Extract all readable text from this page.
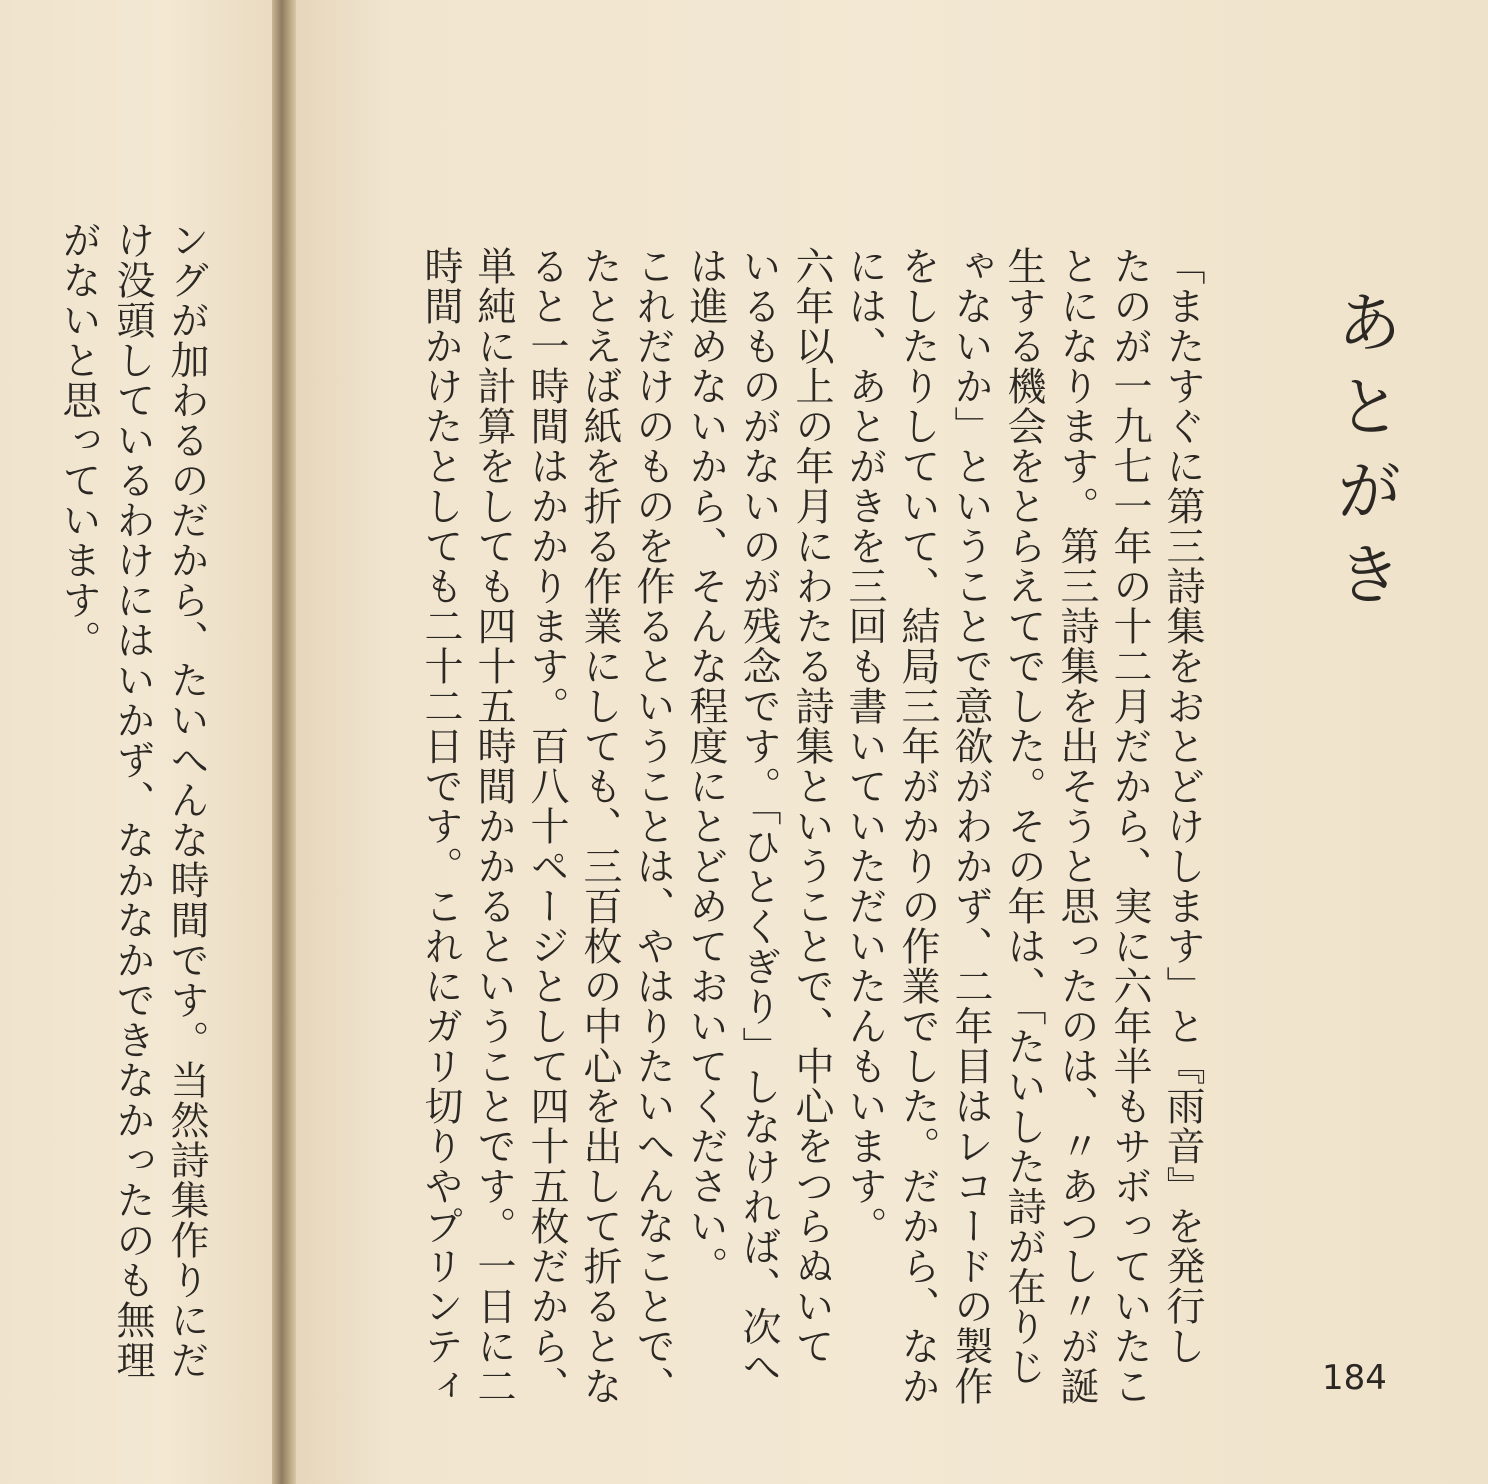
ングが加わるのだから、たいへんな時間です。当然詩集作りにだ
け没頭しているわけにはいかず、なかなかできなかったのも無理
がないと思っています。	あとがき
「またすぐに第三詩集をおとどけします」と『雨音』を発行し
たのが一九七一年の十二月だから、実に六年半もサボっていたこ
とになります。第三詩集を出そうと思ったのは、〃あつし〃が誕
生する機会をとらえてでした。その年は、「たいした詩が在りじ
ゃないか」ということで意欲がわかず、二年目はレコードの製作
をしたりしていて、結局三年がかりの作業でした。だから、なか
には、あとがきを三回も書いていただいたんもいます。
六年以上の年月にわたる詩集ということで、中心をつらぬいて
いるものがないのが残念です。「ひとくぎり」しなければ、次へ
は進めないから、そんな程度にとどめておいてください。
これだけのものを作るということは、やはりたいへんなことで、
たとえば紙を折る作業にしても、三百枚の中心を出して折るとな
ると一時間はかかります。百八十ページとして四十五枚だから、
単純に計算をしても四十五時間かかるということです。一日に二
時間かけたとしても二十二日です。これにガリ切りやプリンティ	184
